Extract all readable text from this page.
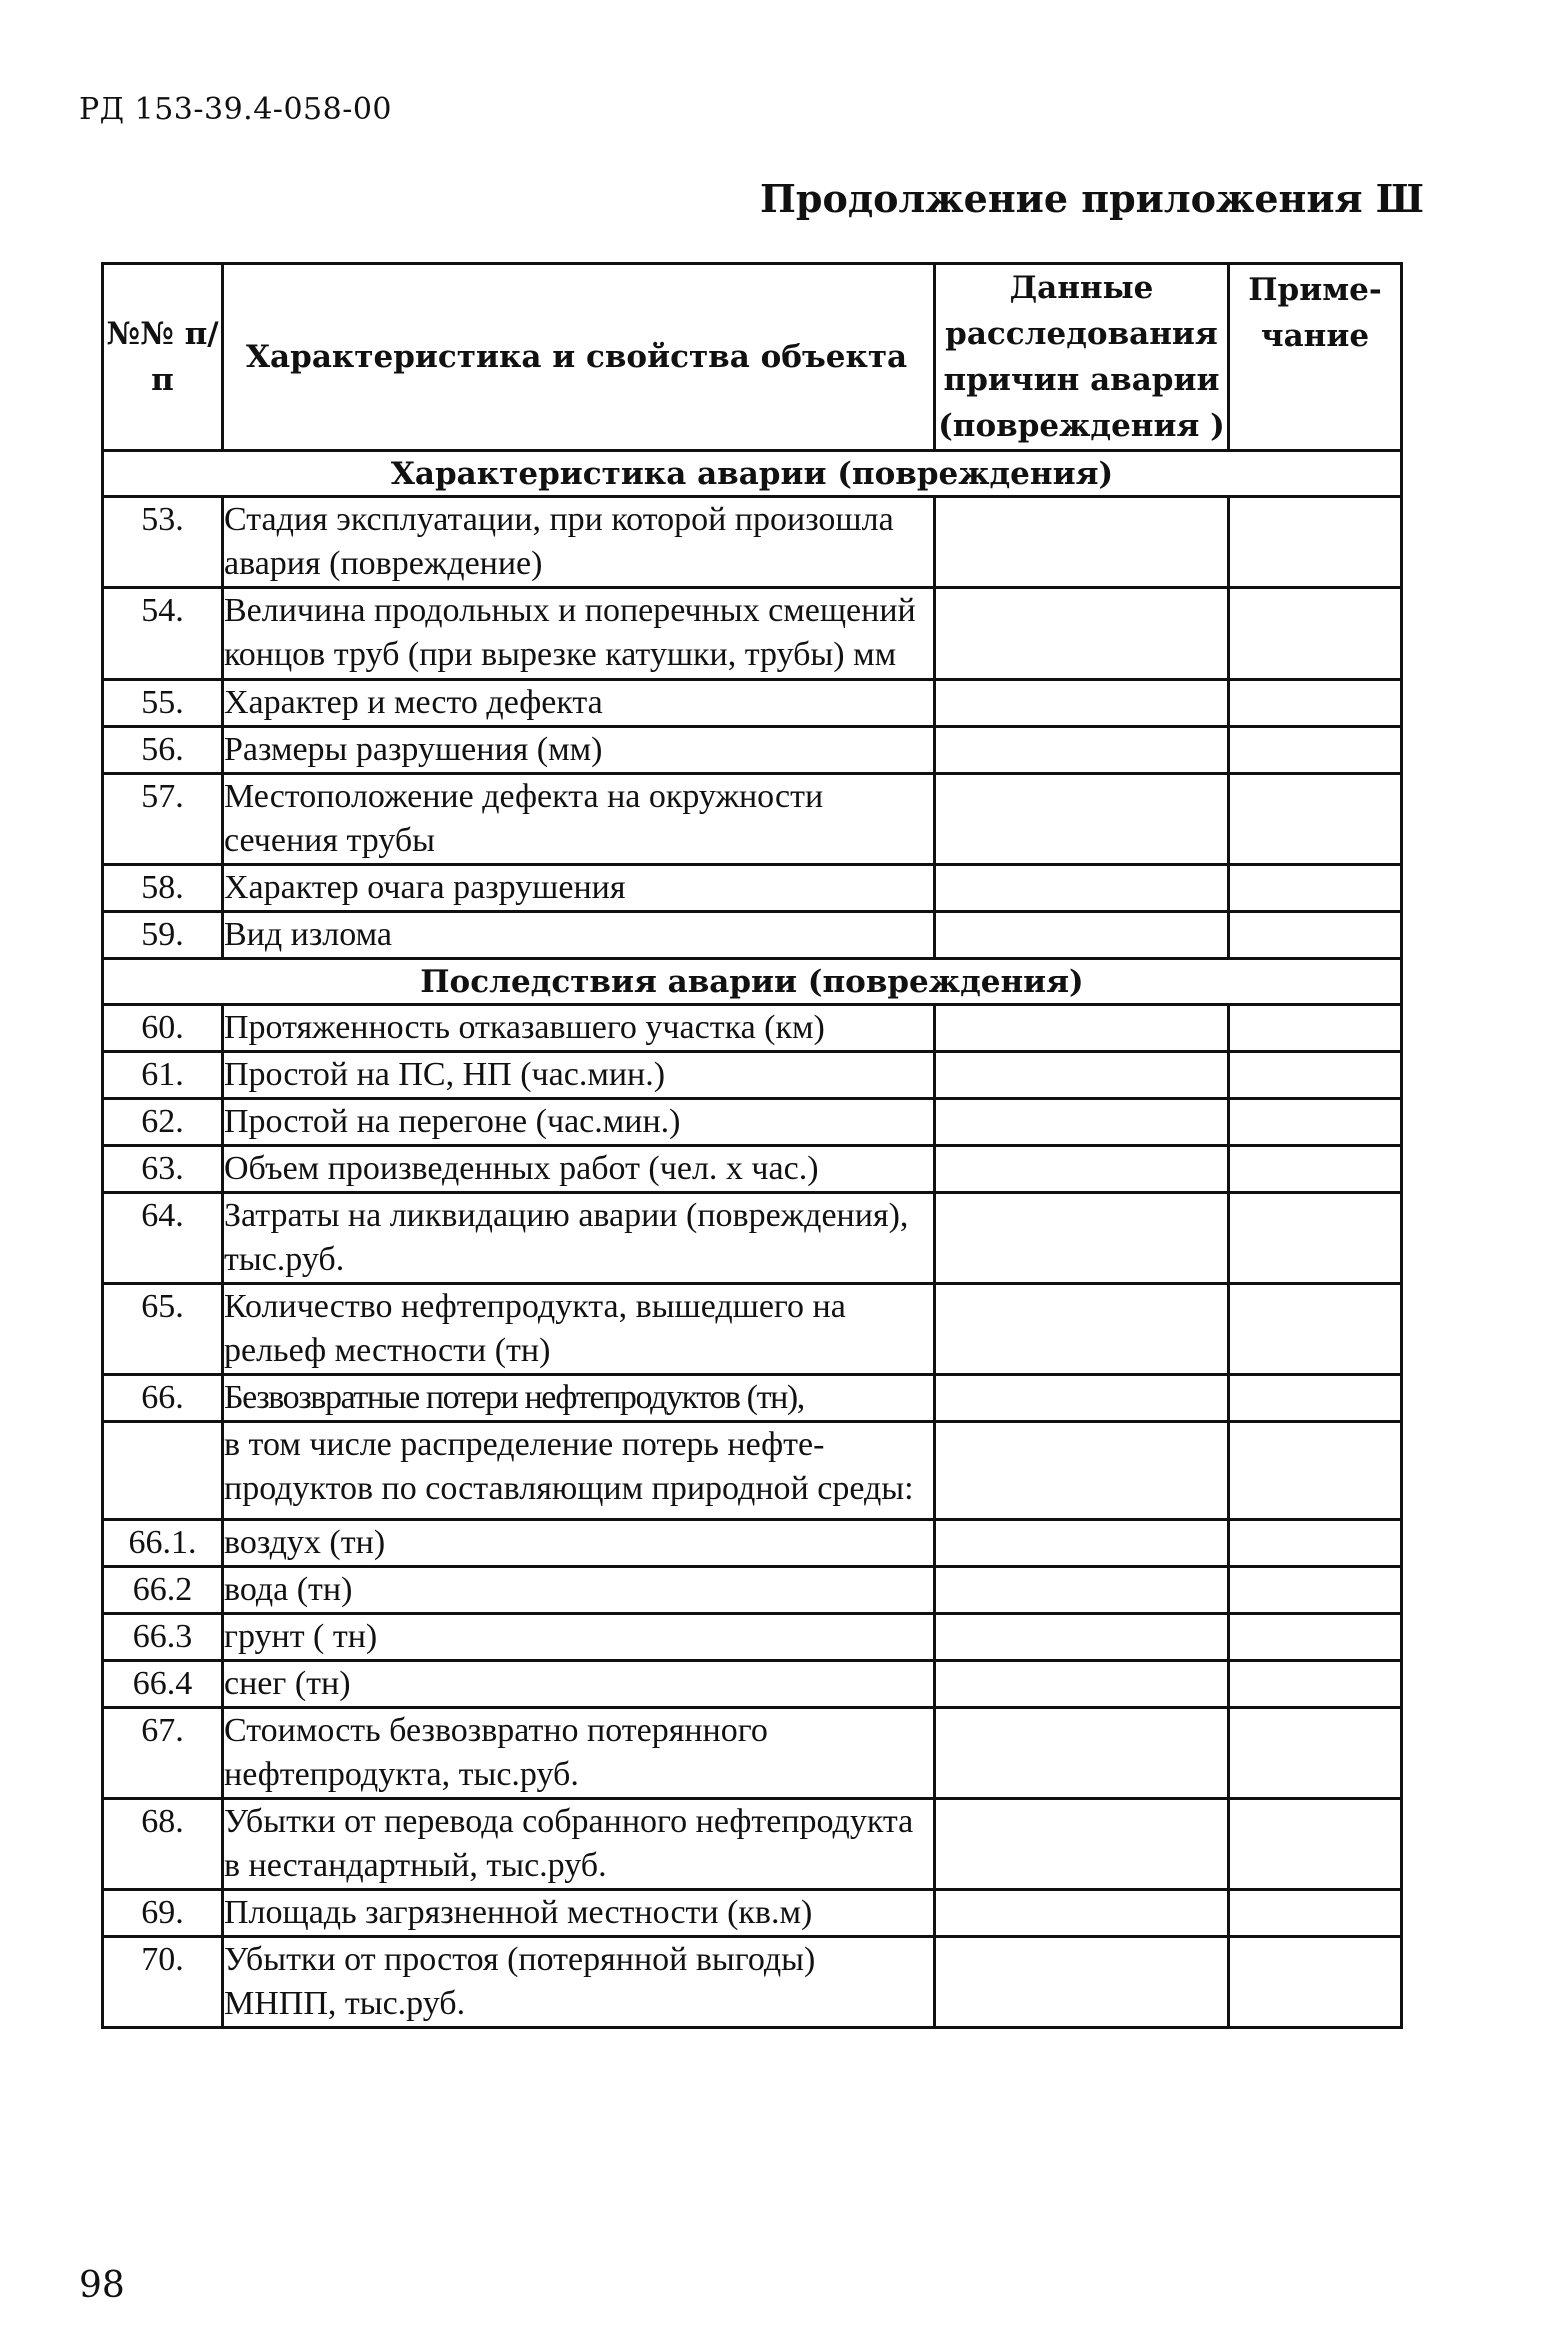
РД 153-39.4-058-00
Продолжение приложения Ш
№№ п/п	Характеристика и свойства объекта	Данные расследования причин аварии (повреждения )	Приме- чание
Характеристика аварии (повреждения)			
53.	Стадия эксплуатации, при которой произошла авария (повреждение)		
54.	Величина продольных и поперечных смещений концов труб (при вырезке катушки, трубы) мм		
55.	Характер и место дефекта		
56.	Размеры разрушения (мм)		
57.	Местоположение дефекта на окружности сечения трубы		
58.	Характер очага разрушения		
59.	Вид излома		
Последствия аварии (повреждения)			
60.	Протяженность отказавшего участка (км)		
61.	Простой на ПС, НП (час.мин.)		
62.	Простой на перегоне (час.мин.)		
63.	Объем произведенных работ (чел. х час.)		
64.	Затраты на ликвидацию аварии (повреждения), тыс.руб.		
65.	Количество нефтепродукта, вышедшего на рельеф местности (тн)		
66.	Безвозвратные потери нефтепродуктов (тн),		
	в том числе распределение потерь нефте-продуктов по составляющим природной среды:		
66.1.	воздух (тн)		
66.2	вода (тн)		
66.3	грунт ( тн)		
66.4	снег (тн)		
67.	Стоимость безвозвратно потерянного нефтепродукта, тыс.руб.		
68.	Убытки от перевода собранного нефтепродукта в нестандартный, тыс.руб.		
69.	Площадь загрязненной местности (кв.м)		
70.	Убытки от простоя (потерянной выгоды) МНПП, тыс.руб.		
98
